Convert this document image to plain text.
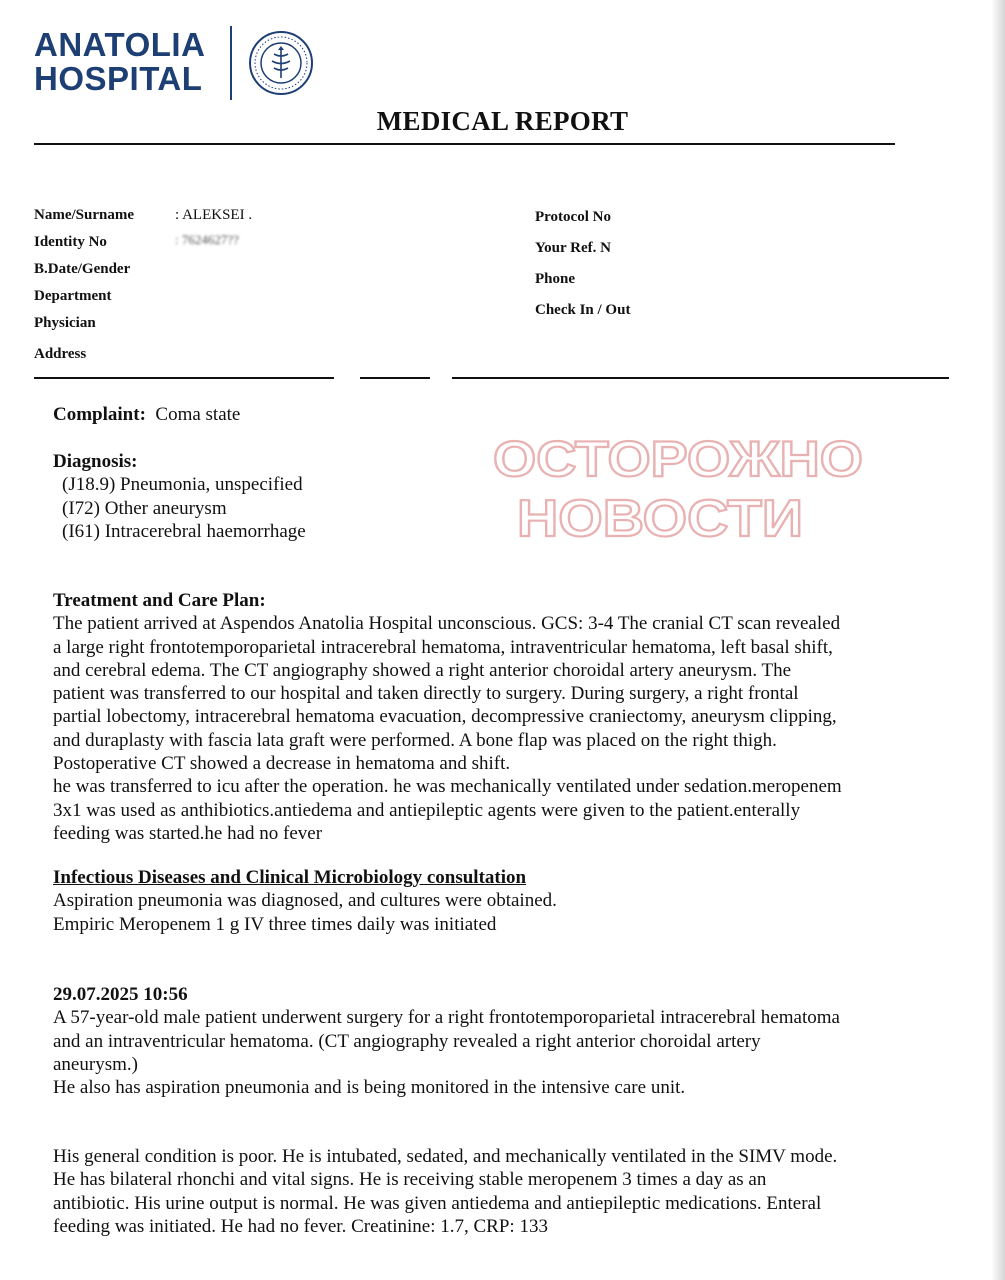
ANATOLIA
HOSPITAL
MEDICAL REPORT
Name/Surname	: ALEKSEI .
Identity No	: 7624627??
B.Date/Gender
Department
Physician
Address
Protocol No
Your Ref. N
Phone
Check In / Out
Complaint: Coma state
Diagnosis:
(J18.9) Pneumonia, unspecified
(I72) Other aneurysm
(I61) Intracerebral haemorrhage
ОСТОРОЖНО
НОВОСТИ
Treatment and Care Plan:
The patient arrived at Aspendos Anatolia Hospital unconscious. GCS: 3-4 The cranial CT scan revealed
a large right frontotemporoparietal intracerebral hematoma, intraventricular hematoma, left basal shift,
and cerebral edema. The CT angiography showed a right anterior choroidal artery aneurysm. The
patient was transferred to our hospital and taken directly to surgery. During surgery, a right frontal
partial lobectomy, intracerebral hematoma evacuation, decompressive craniectomy, aneurysm clipping,
and duraplasty with fascia lata graft were performed. A bone flap was placed on the right thigh.
Postoperative CT showed a decrease in hematoma and shift.
he was transferred to icu after the operation. he was mechanically ventilated under sedation.meropenem
3x1 was used as anthibiotics.antiedema and antiepileptic agents were given to the patient.enterally
feeding was started.he had no fever
Infectious Diseases and Clinical Microbiology consultation
Aspiration pneumonia was diagnosed, and cultures were obtained.
Empiric Meropenem 1 g IV three times daily was initiated
29.07.2025 10:56
A 57-year-old male patient underwent surgery for a right frontotemporoparietal intracerebral hematoma
and an intraventricular hematoma. (CT angiography revealed a right anterior choroidal artery
aneurysm.)
He also has aspiration pneumonia and is being monitored in the intensive care unit.
His general condition is poor. He is intubated, sedated, and mechanically ventilated in the SIMV mode.
He has bilateral rhonchi and vital signs. He is receiving stable meropenem 3 times a day as an
antibiotic. His urine output is normal. He was given antiedema and antiepileptic medications. Enteral
feeding was initiated. He had no fever. Creatinine: 1.7, CRP: 133
